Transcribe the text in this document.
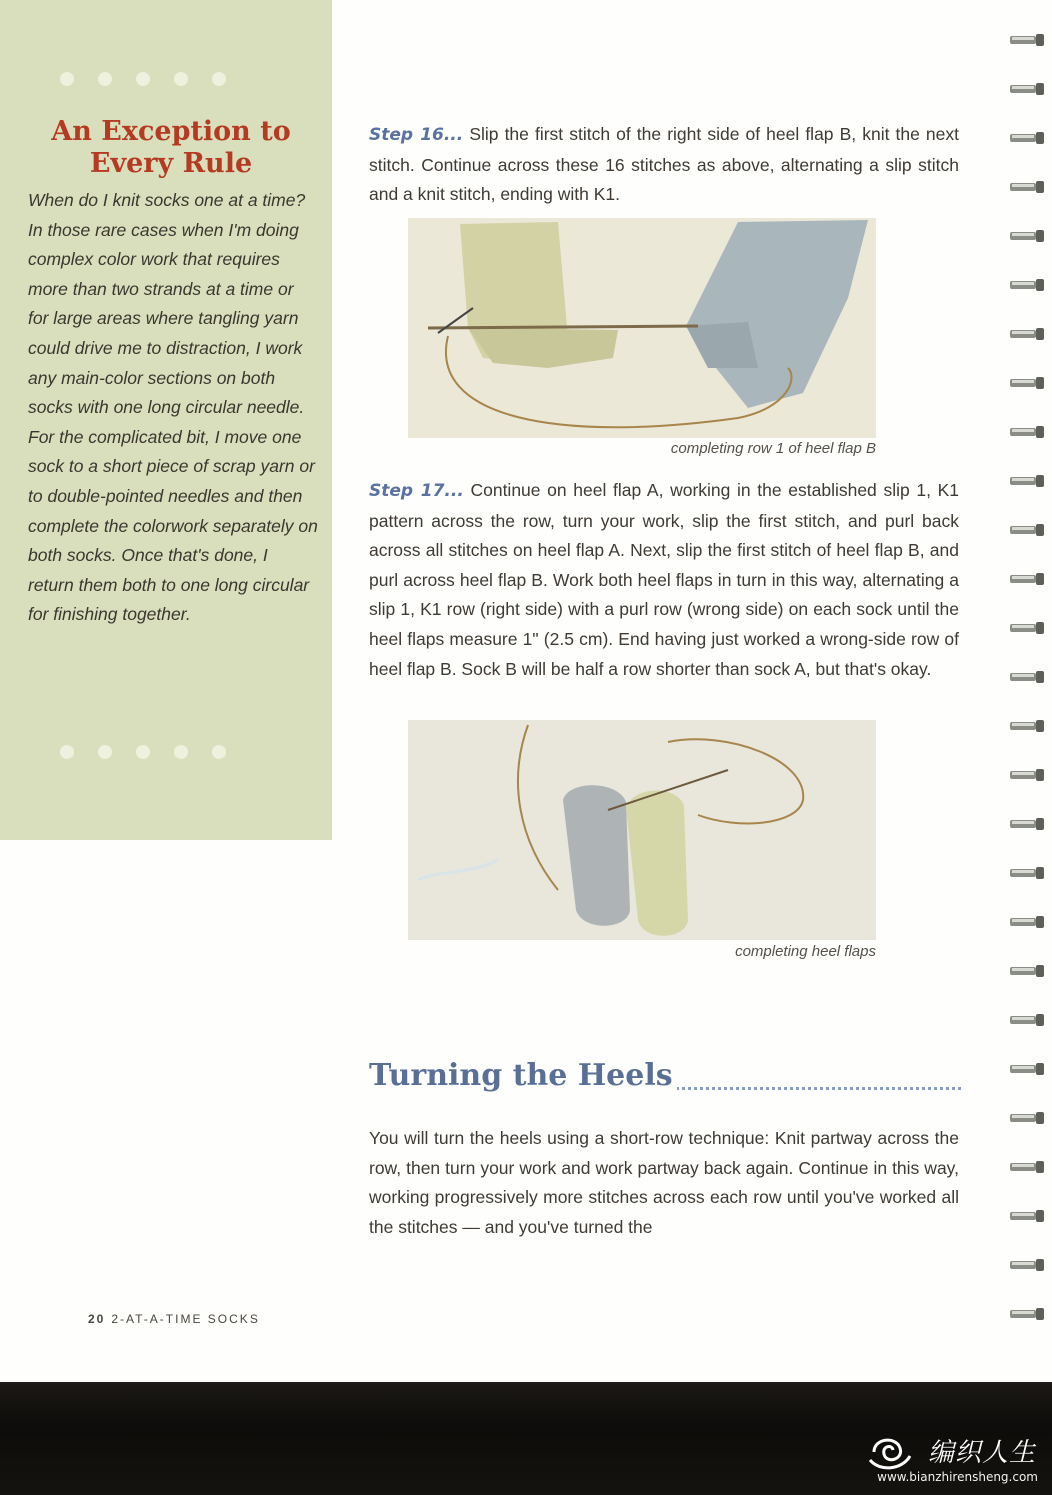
An Exception to Every Rule

When do I knit socks one at a time? In those rare cases when I'm doing complex color work that requires more than two strands at a time or for large areas where tangling yarn could drive me to distraction, I work any main-color sections on both socks with one long circular needle. For the complicated bit, I move one sock to a short piece of scrap yarn or to double-pointed needles and then complete the colorwork separately on both socks. Once that's done, I return them both to one long circular for finishing together.

Step 16... Slip the first stitch of the right side of heel flap B, knit the next stitch. Continue across these 16 stitches as above, alternating a slip stitch and a knit stitch, ending with K1.

completing row 1 of heel flap B

Step 17... Continue on heel flap A, working in the established slip 1, K1 pattern across the row, turn your work, slip the first stitch, and purl back across all stitches on heel flap A. Next, slip the first stitch of heel flap B, and purl across heel flap B. Work both heel flaps in turn in this way, alternating a slip 1, K1 row (right side) with a purl row (wrong side) on each sock until the heel flaps measure 1" (2.5 cm). End having just worked a wrong-side row of heel flap B. Sock B will be half a row shorter than sock A, but that's okay.

completing heel flaps
Turning the Heels

You will turn the heels using a short-row technique: Knit partway across the row, then turn your work and work partway back again. Continue in this way, working progressively more stitches across each row until you've worked all the stitches — and you've turned the

20 2-AT-A-TIME SOCKS
编织人生
www.bianzhirensheng.com
